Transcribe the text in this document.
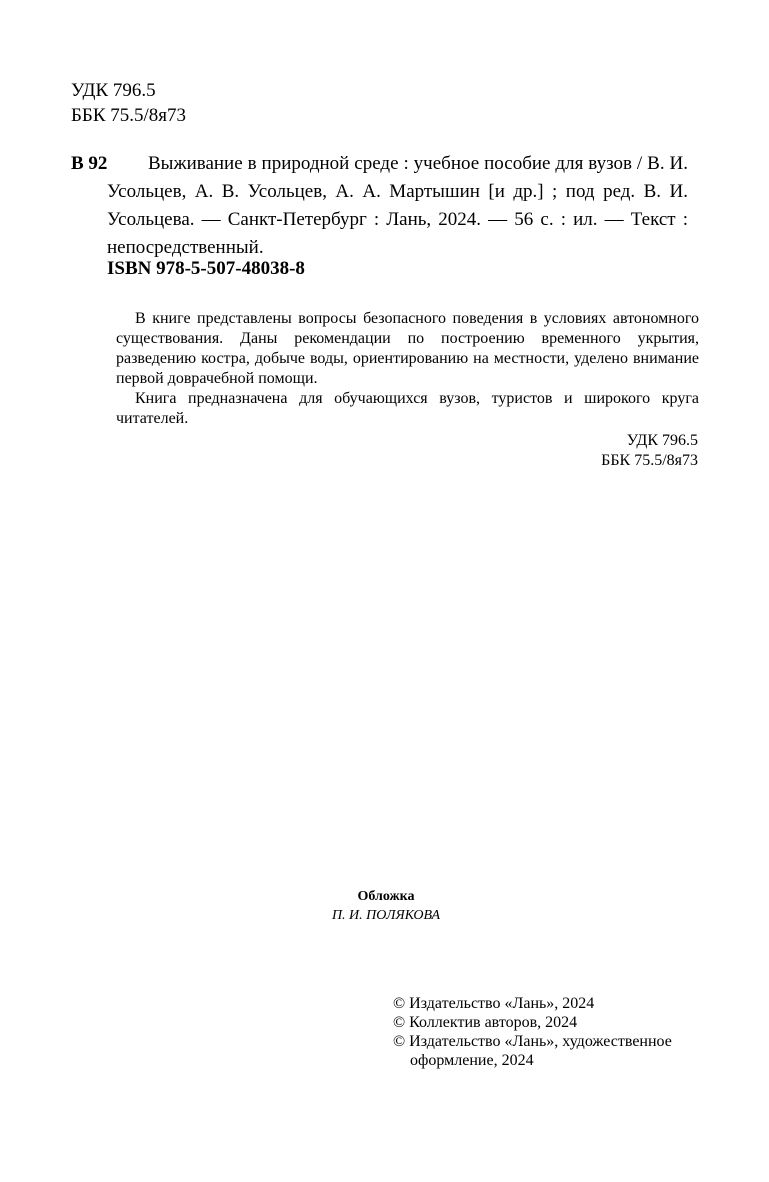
УДК 796.5
ББК 75.5/8я73
В 92	Выживание в природной среде : учебное пособие для вузов / В. И. Усольцев, А. В. Усольцев, А. А. Мартышин [и др.] ; под ред. В. И. Усольцева. — Санкт-Петербург : Лань, 2024. — 56 с. : ил. — Текст : непосредственный.
ISBN 978-5-507-48038-8

В книге представлены вопросы безопасного поведения в условиях автономного существования. Даны рекомендации по построению временного укрытия, разведению костра, добыче воды, ориентированию на местности, уделено внимание первой доврачебной помощи.

Книга предназначена для обучающихся вузов, туристов и широкого круга читателей.

УДК 796.5
ББК 75.5/8я73
Обложка
П. И. ПОЛЯКОВА
© Издательство «Лань», 2024
© Коллектив авторов, 2024
© Издательство «Лань», художественное
оформление, 2024
